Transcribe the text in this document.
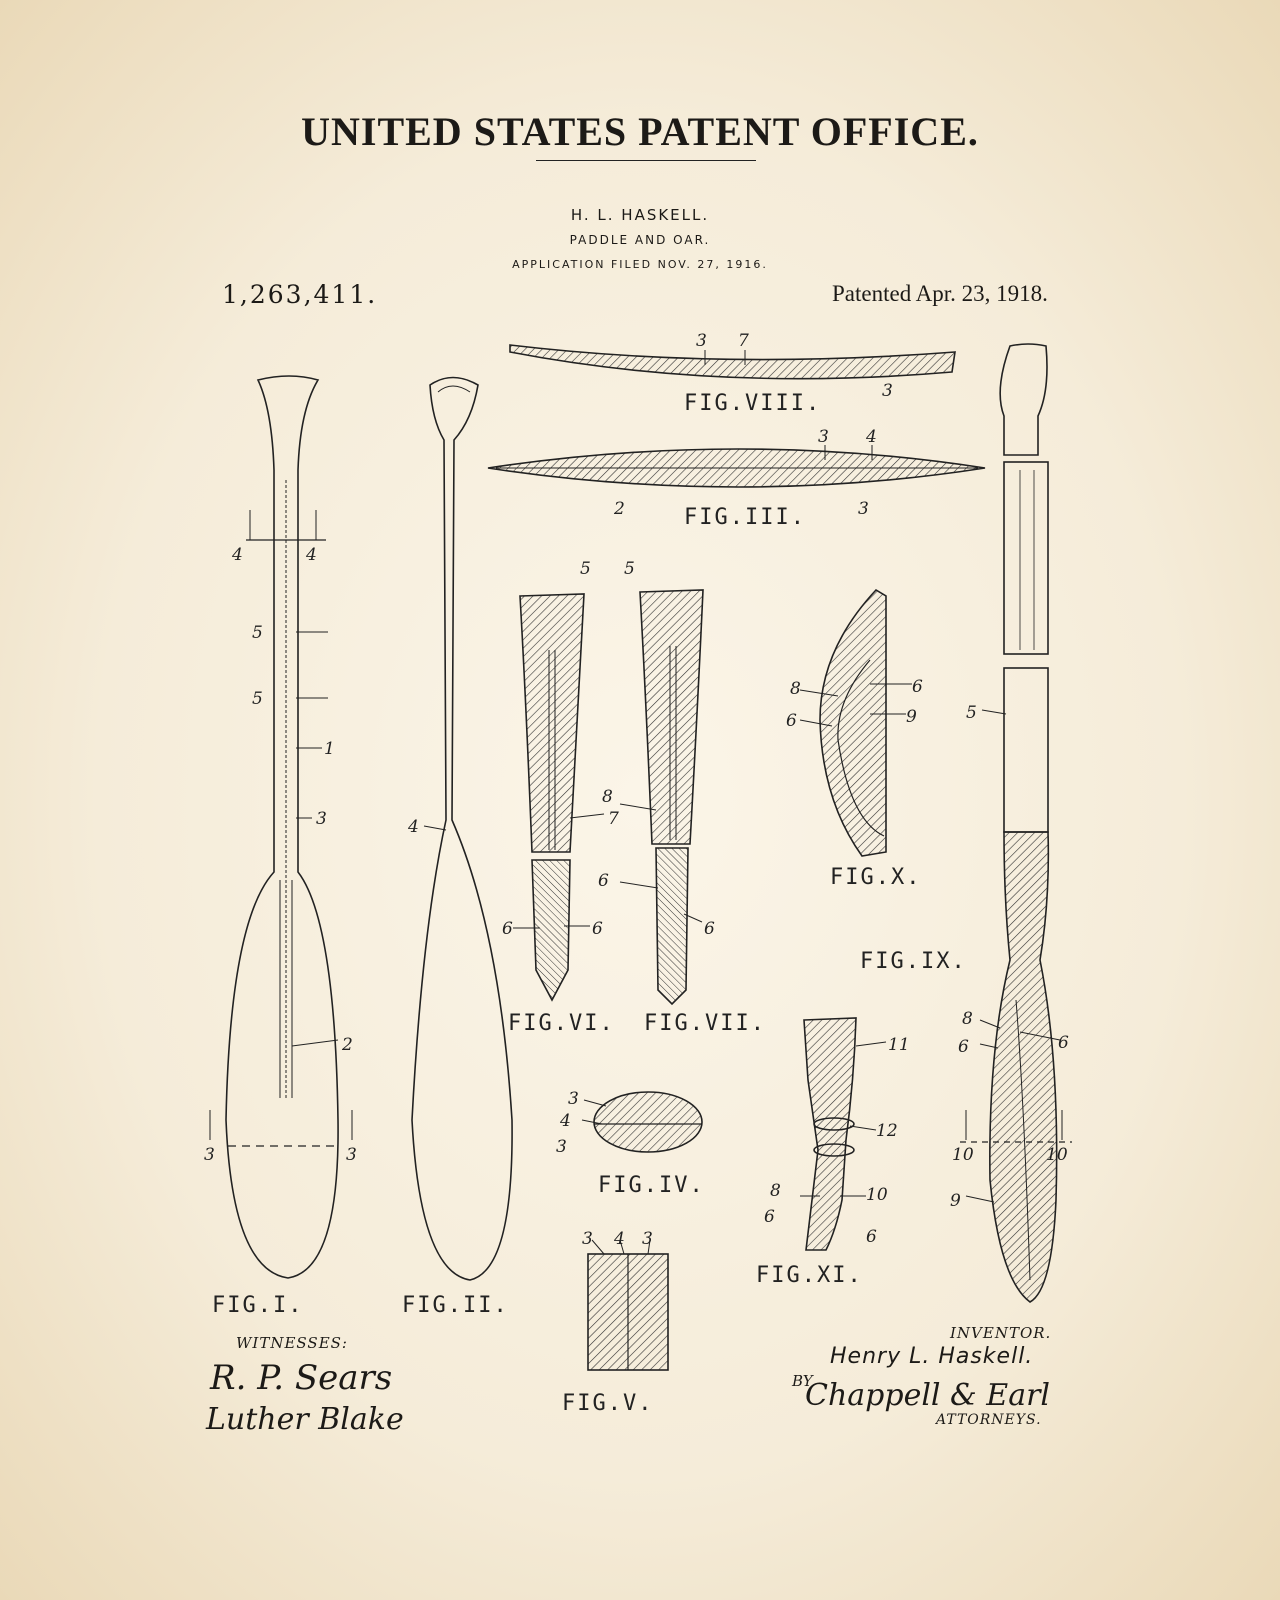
UNITED STATES PATENT OFFICE.
H. L. HASKELL.
PADDLE AND OAR.
APPLICATION FILED NOV. 27, 1916.
1,263,411.	Patented Apr. 23, 1918.
FIG.I.	FIG.II.
FIG.III.
FIG.IV.
FIG.V.
FIG.VI. FIG.VII.
FIG.VIII.
FIG.IX.
FIG.X.
FIG.XI.
4	4
5
5
1
3
2
3	3
4
3 7
3
3 4
2	3
5 5
8
7
6
6	6	6
8
6
6
9	5
8
6	6
10	10
9
3
4
3
3 4 3
11
12
8	10
6
6
WITNESSES:
R. P. Sears
Luther Blake
INVENTOR.
Henry L. Haskell.
BY
Chappell & Earl
ATTORNEYS.
